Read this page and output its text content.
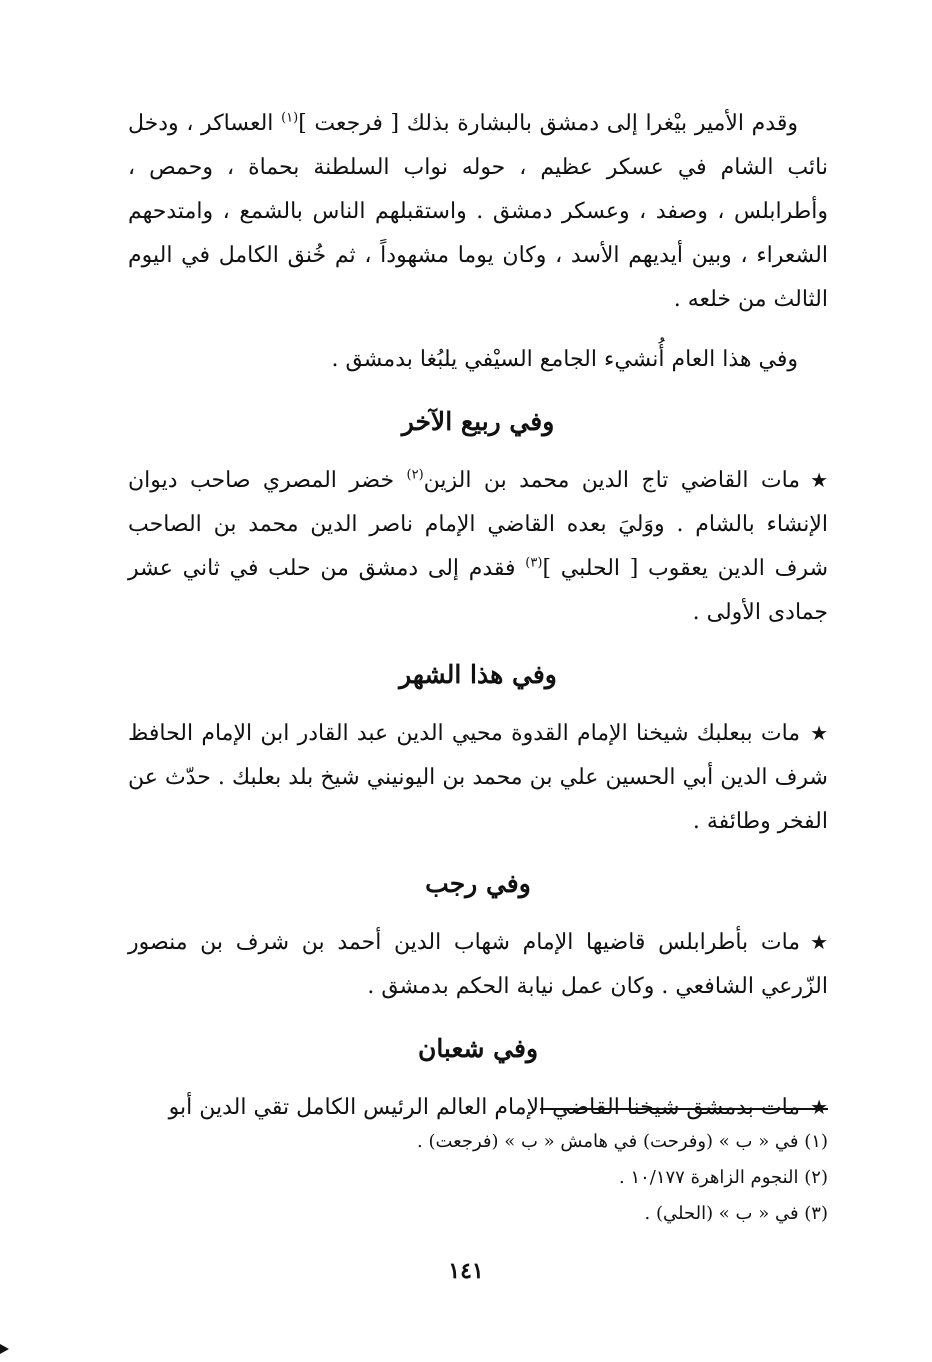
وقدم الأمير بيْغرا إلى دمشق بالبشارة بذلك [ فرجعت ]$^{(١)}$ العساكر ، ودخل نائب الشام في عسكر عظيم ، حوله نواب السلطنة بحماة ، وحمص ، وأطرابلس ، وصفد ، وعسكر دمشق . واستقبلهم الناس بالشمع ، وامتدحهم الشعراء ، وبين أيديهم الأسد ، وكان يوما مشهوداً ، ثم خُنق الكامل في اليوم الثالث من خلعه .

وفي هذا العام أُنشيء الجامع السيْفي يلبُغا بدمشق .

وفي ربيع الآخر

★مات القاضي تاج الدين محمد بن الزين$^{(٢)}$ خضر المصري صاحب ديوان الإنشاء بالشام . ووَليَ بعده القاضي الإمام ناصر الدين محمد بن الصاحب شرف الدين يعقوب [ الحلبي ]$^{(٣)}$ فقدم إلى دمشق من حلب في ثاني عشر جمادى الأولى .

وفي هذا الشهر

★مات ببعلبك شيخنا الإمام القدوة محيي الدين عبد القادر ابن الإمام الحافظ شرف الدين أبي الحسين علي بن محمد بن اليونيني شيخ بلد بعلبك . حدّث عن الفخر وطائفة .

وفي رجب

★مات بأطرابلس قاضيها الإمام شهاب الدين أحمد بن شرف بن منصور الزّرعي الشافعي . وكان عمل نيابة الحكم بدمشق .

وفي شعبان

★مات بدمشق شيخنا القاضي الإمام العالم الرئيس الكامل تقي الدين أبو

(١) في « ب » (وفرحت) في هامش « ب » (فرجعت) .

(٢) النجوم الزاهرة ١٠/١٧٧ .

(٣) في « ب » (الحلي) .

١٤١
